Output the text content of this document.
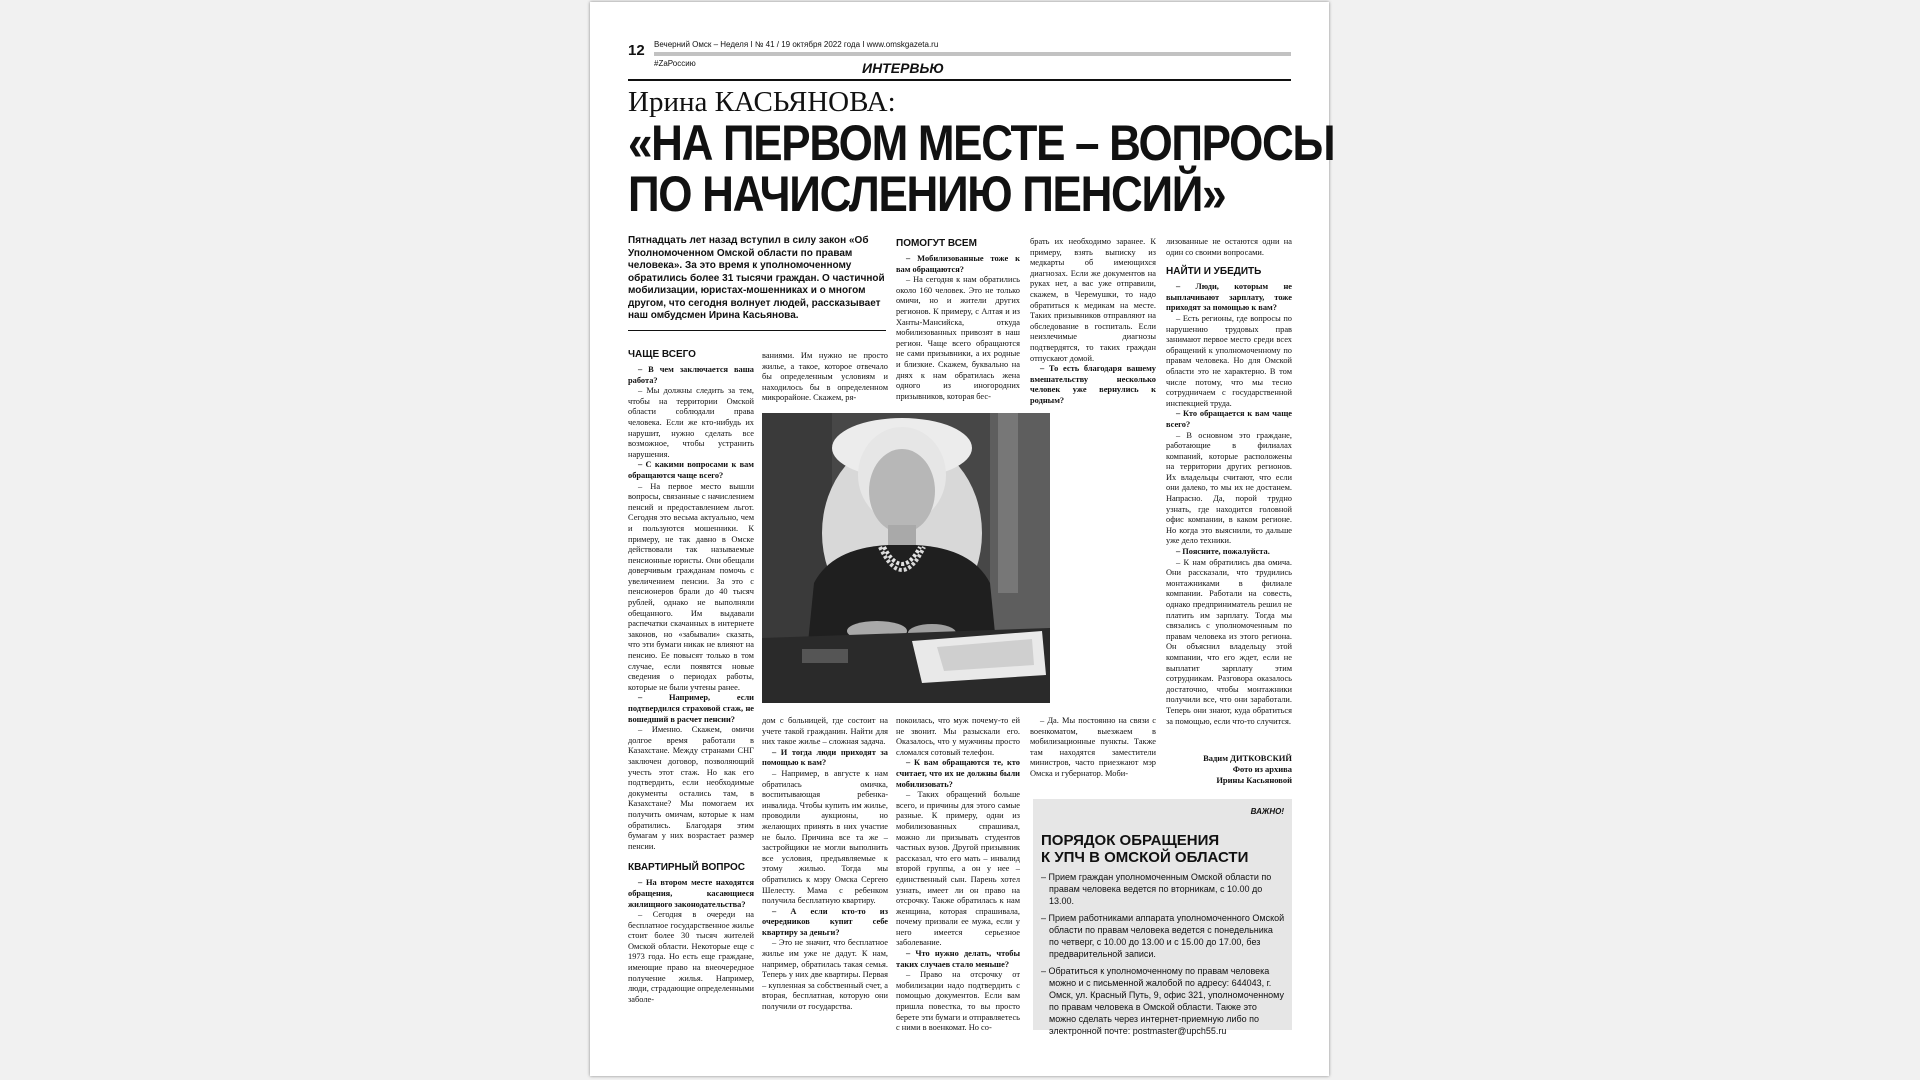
12 Вечерний Омск – Неделя I № 41 / 19 октября 2022 года I www.omskgazeta.ru
#ZаРоссию	ИНТЕРВЬЮ
Ирина КАСЬЯНОВА:
«НА ПЕРВОМ МЕСТЕ – ВОПРОСЫ
ПО НАЧИСЛЕНИЮ ПЕНСИЙ»
Пятнадцать лет назад вступил в силу закон «Об Уполномоченном Омской области по правам человека». За это время к уполномоченному обратились более 31 тысячи граждан. О частичной мобилизации, юристах-мошенниках и о многом другом, что сегодня волнует людей, рассказывает наш омбудсмен Ирина Касьянова.
ЧАЩЕ ВСЕГО

– В чем заключается ваша работа?

– Мы должны следить за тем, чтобы на территории Омской области соблюдали права человека. Если же кто-нибудь их нарушит, нужно сделать все возможное, чтобы устранить нарушения.

– С какими вопросами к вам обращаются чаще всего?

– На первое место вышли вопросы, связанные с начислением пенсий и предоставлением льгот. Сегодня это весьма актуально, чем и пользуются мошенники. К примеру, не так давно в Омске действовали так называемые пенсионные юристы. Они обещали доверчивым гражданам помочь с увеличением пенсии. За это с пенсионеров брали до 40 тысяч рублей, однако не выполняли обещанного. Им выдавали распечатки скачанных в интернете законов, но «забывали» сказать, что эти бумаги никак не влияют на пенсию. Ее повысят только в том случае, если появятся новые сведения о периодах работы, которые не были учтены ранее.

– Например, если подтвердился страховой стаж, не вошедший в расчет пенсии?

– Именно. Скажем, омичи долгое время работали в Казахстане. Между странами СНГ заключен договор, позволяющий учесть этот стаж. Но как его подтвердить, если необходимые документы остались там, в Казахстане? Мы помогаем их получить омичам, которые к нам обратились. Благодаря этим бумагам у них возрастает размер пенсии.

КВАРТИРНЫЙ ВОПРОС

– На втором месте находятся обращения, касающиеся жилищного законодательства?

– Сегодня в очереди на бесплатное государственное жилье стоит более 30 тысяч жителей Омской области. Некоторые еще с 1973 года. Но есть еще граждане, имеющие право на внеочередное получение жилья. Например, люди, страдающие определенными заболе-

ваниями. Им нужно не просто жилье, а такое, которое отвечало бы определенным условиям и находилось бы в определенном микрорайоне. Скажем, ря-

дом с больницей, где состоит на учете такой гражданин. Найти для них такое жилье – сложная задача.

– И тогда люди приходят за помощью к вам?

– Например, в августе к нам обратилась омичка, воспитывающая ребенка-инвалида. Чтобы купить им жилье, проводили аукционы, но желающих принять в них участие не было. Причина все та же – застройщики не могли выполнить все условия, предъявляемые к этому жилью. Тогда мы обратились к мэру Омска Сергею Шелесту. Мама с ребенком получила бесплатную квартиру.

– А если кто-то из очередников купит себе квартиру за деньги?

– Это не значит, что бесплатное жилье им уже не дадут. К нам, например, обратилась такая семья. Теперь у них две квартиры. Первая – купленная за собственный счет, а вторая, бесплатная, которую они получили от государства.

ПОМОГУТ ВСЕМ

– Мобилизованные тоже к вам обращаются?

– На сегодня к нам обратились около 160 человек. Это не только омичи, но и жители других регионов. К примеру, с Алтая и из Ханты-Мансийска, откуда мобилизованных привозят в наш регион. Чаще всего обращаются не сами призывники, а их родные и близкие. Скажем, буквально на днях к нам обратилась жена одного из иногородних призывников, которая бес-

покоилась, что муж почему-то ей не звонит. Мы разыскали его. Оказалось, что у мужчины просто сломался сотовый телефон.

– К вам обращаются те, кто считает, что их не должны были мобилизовать?

– Таких обращений больше всего, и причины для этого самые разные. К примеру, одни из мобилизованных спрашивал, можно ли призывать студентов частных вузов. Другой призывник рассказал, что его мать – инвалид второй группы, а он у нее – единственный сын. Парень хотел узнать, имеет ли он право на отсрочку. Также обратилась к нам женщина, которая спрашивала, почему призвали ее мужа, если у него имеется серьезное заболевание.

– Что нужно делать, чтобы таких случаев стало меньше?

– Право на отсрочку от мобилизации надо подтвердить с помощью документов. Если вам пришла повестка, то вы просто берете эти бумаги и отправляетесь с ними в военкомат. Но со-

брать их необходимо заранее. К примеру, взять выписку из медкарты об имеющихся диагнозах. Если же документов на руках нет, а вас уже отправили, скажем, в Черемушки, то надо обратиться к медикам на месте. Таких призывников отправляют на обследование в госпиталь. Если неизлечимые диагнозы подтвердятся, то таких граждан отпускают домой.

– То есть благодаря вашему вмешательству несколько человек уже вернулись к родным?

– Да. Мы постоянно на связи с военкоматом, выезжаем в мобилизационные пункты. Также там находятся заместители министров, часто приезжают мэр Омска и губернатор. Моби-

лизованные не остаются одни на один со своими вопросами.

НАЙТИ И УБЕДИТЬ

– Люди, которым не выплачивают зарплату, тоже приходят за помощью к вам?

– Есть регионы, где вопросы по нарушению трудовых прав занимают первое место среди всех обращений к уполномоченному по правам человека. Но для Омской области это не характерно. В том числе потому, что мы тесно сотрудничаем с государственной инспекцией труда.

– Кто обращается к вам чаще всего?

– В основном это граждане, работающие в филиалах компаний, которые расположены на территории других регионов. Их владельцы считают, что если они далеко, то мы их не достанем. Напрасно. Да, порой трудно узнать, где находится головной офис компании, в каком регионе. Но когда это выяснили, то дальше уже дело техники.

– Поясните, пожалуйста.

– К нам обратились два омича. Они рассказали, что трудились монтажниками в филиале компании. Работали на совесть, однако предприниматель решил не платить им зарплату. Тогда мы связались с уполномоченным по правам человека из этого региона. Он объяснил владельцу этой компании, что его ждет, если не выплатит зарплату этим сотрудникам. Разговора оказалось достаточно, чтобы монтажники получили все, что они заработали. Теперь они знают, куда обратиться за помощью, если что-то случится.

Вадим ДИТКОВСКИЙ
Фото из архива
Ирины Касьяновой
ВАЖНО!
ПОРЯДОК ОБРАЩЕНИЯ
К УПЧ В ОМСКОЙ ОБЛАСТИ
– Прием граждан уполномоченным Омской области по правам человека ведется по вторникам, с 10.00 до 13.00.
– Прием работниками аппарата уполномоченного Омской области по правам человека ведется с понедельника по четверг, с 10.00 до 13.00 и с 15.00 до 17.00, без предварительной записи.
– Обратиться к уполномоченному по правам человека можно и с письменной жалобой по адресу: 644043, г. Омск, ул. Красный Путь, 9, офис 321, уполномоченному по правам человека в Омской области. Также это можно сделать через интернет-приемную либо по электронной почте: postmaster@upch55.ru
